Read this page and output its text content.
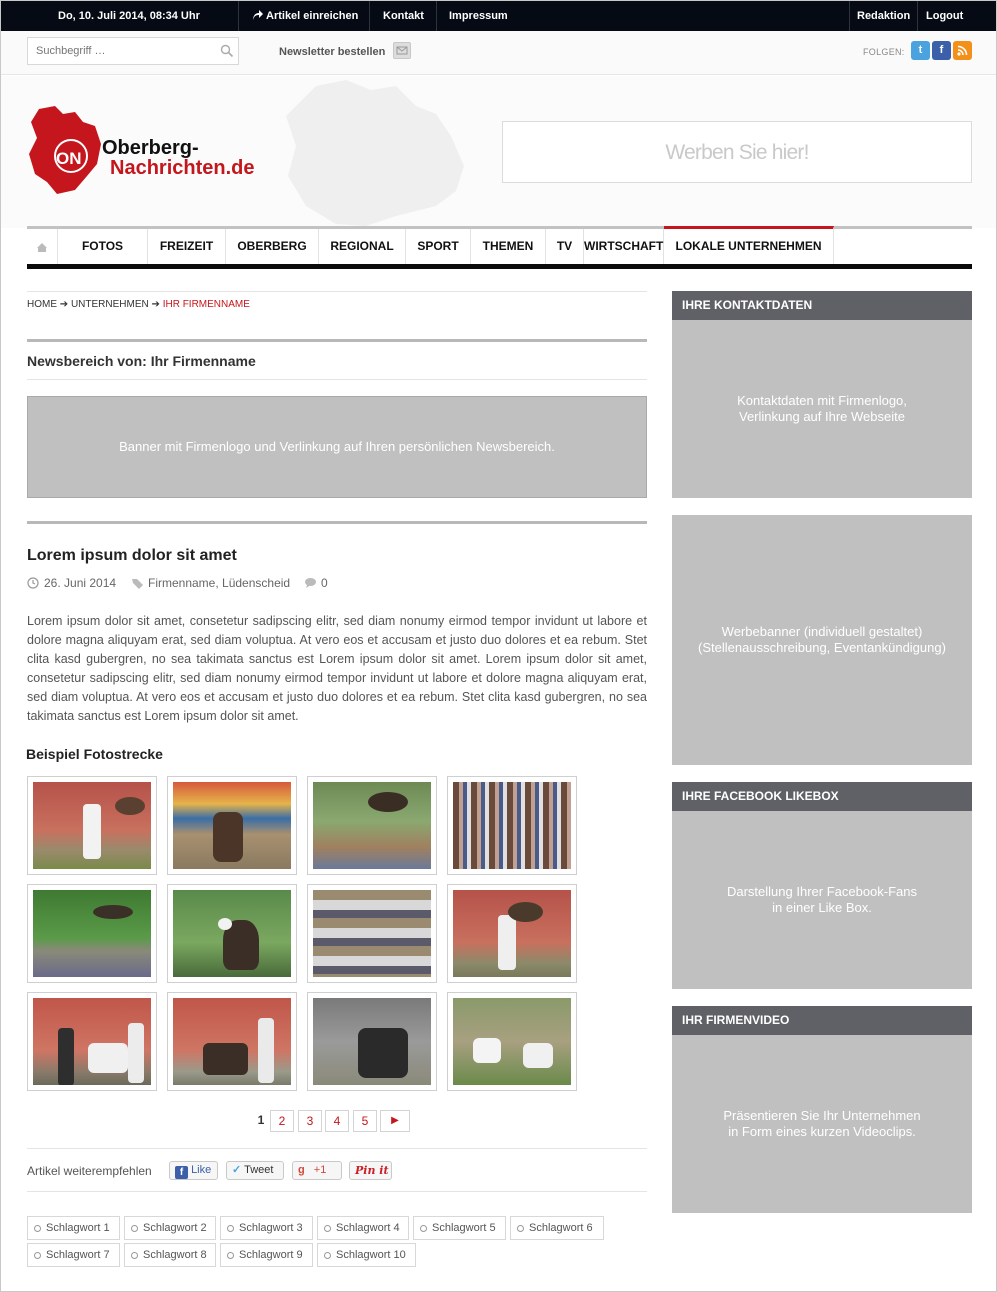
Do, 10. Juli 2014, 08:34 Uhr	Artikel einreichen Kontakt Impressum	Redaktion Logout
Suchbegriff …
Newsletter bestellen	FOLGEN:	t	f
ON Oberberg-
Nachrichten.de
Werben Sie hier!
FOTOS	FREIZEIT	OBERBERG	REGIONAL	SPORT	THEMEN	TV WIRTSCHAFT	LOKALE UNTERNEHMEN
HOME ➔ UNTERNEHMEN ➔ IHR FIRMENNAME
Newsbereich von: Ihr Firmenname
Banner mit Firmenlogo und Verlinkung auf Ihren persönlichen Newsbereich.
Lorem ipsum dolor sit amet
26. Juni 2014	Firmenname, Lüdenscheid	0

Lorem ipsum dolor sit amet, consetetur sadipscing elitr, sed diam nonumy eirmod tempor invidunt ut labore et dolore magna aliquyam erat, sed diam voluptua. At vero eos et accusam et justo duo dolores et ea rebum. Stet clita kasd gubergren, no sea takimata sanctus est Lorem ipsum dolor sit amet. Lorem ipsum dolor sit amet, consetetur sadipscing elitr, sed diam nonumy eirmod tempor invidunt ut labore et dolore magna aliquyam erat, sed diam voluptua. At vero eos et accusam et justo duo dolores et ea rebum. Stet clita kasd gubergren, no sea takimata sanctus est Lorem ipsum dolor sit amet.

Beispiel Fotostrecke
1	2	3	4	5	▶
Artikel weiterempfehlen	f Like	✓ Tweet	g +1	Pin it
Schlagwort 1	Schlagwort 2	Schlagwort 3	Schlagwort 4	Schlagwort 5	Schlagwort 6
Schlagwort 7	Schlagwort 8	Schlagwort 9	Schlagwort 10
IHRE KONTAKTDATEN
Kontaktdaten mit Firmenlogo,
Verlinkung auf Ihre Webseite
Werbebanner (individuell gestaltet)
(Stellenausschreibung, Eventankündigung)
IHRE FACEBOOK LIKEBOX
Darstellung Ihrer Facebook-Fans
in einer Like Box.
IHR FIRMENVIDEO
Präsentieren Sie Ihr Unternehmen
in Form eines kurzen Videoclips.
